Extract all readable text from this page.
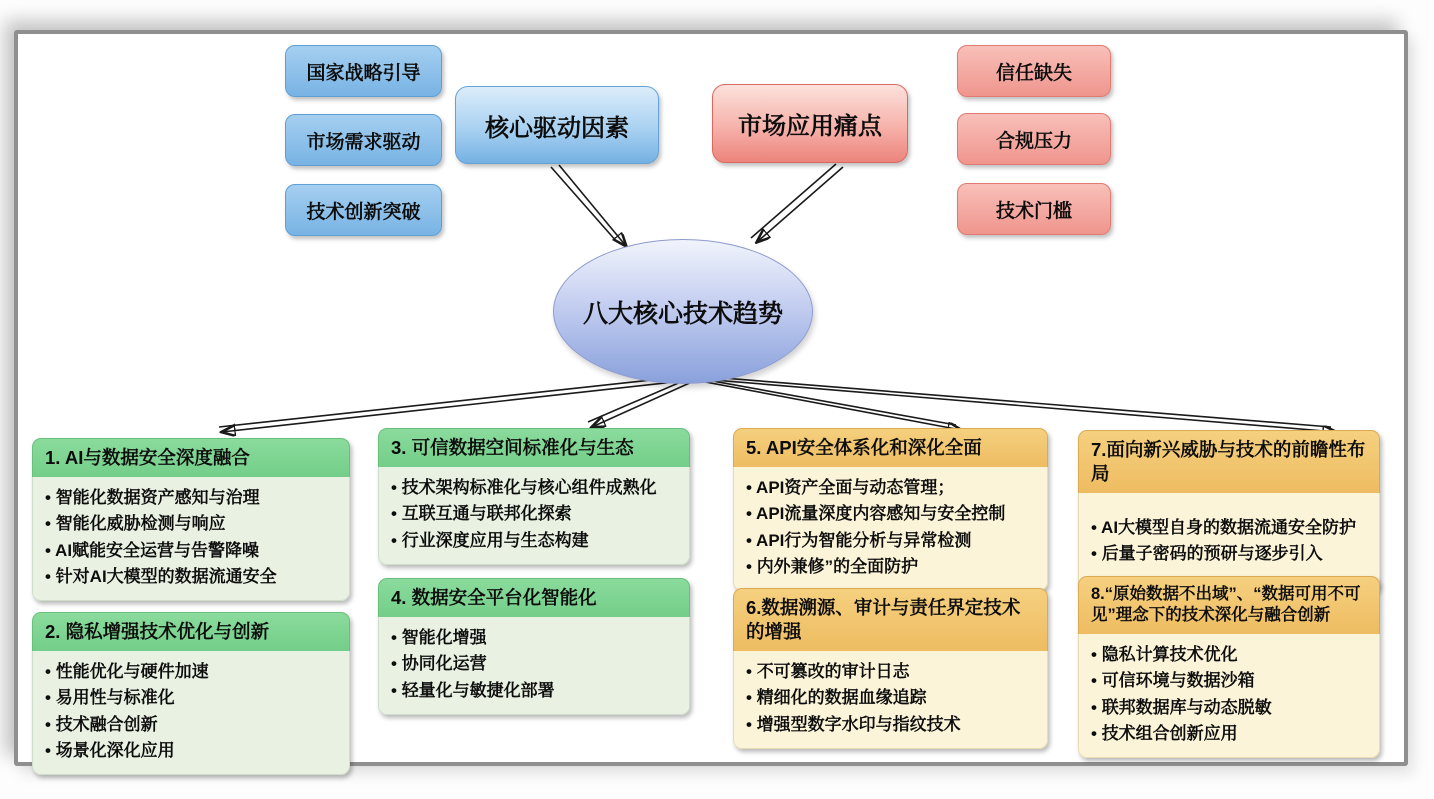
国家战略引导
市场需求驱动
技术创新突破
核心驱动因素	市场应用痛点
信任缺失
合规压力
技术门槛
八大核心技术趋势
1. AI与数据安全深度融合
• 智能化数据资产感知与治理
• 智能化威胁检测与响应
• AI赋能安全运营与告警降噪
• 针对AI大模型的数据流通安全
2. 隐私增强技术优化与创新
• 性能优化与硬件加速
• 易用性与标准化
• 技术融合创新
• 场景化深化应用
3. 可信数据空间标准化与生态
• 技术架构标准化与核心组件成熟化
• 互联互通与联邦化探索
• 行业深度应用与生态构建
4. 数据安全平台化智能化
• 智能化增强
• 协同化运营
• 轻量化与敏捷化部署
5. API安全体系化和深化全面
• API资产全面与动态管理；
• API流量深度内容感知与安全控制
• API行为智能分析与异常检测
• 内外兼修”的全面防护
6.数据溯源、审计与责任界定技术的增强
• 不可篡改的审计日志
• 精细化的数据血缘追踪
• 增强型数字水印与指纹技术
7.面向新兴威胁与技术的前瞻性布局
• AI大模型自身的数据流通安全防护
• 后量子密码的预研与逐步引入
8.“原始数据不出域”、“数据可用不可见”理念下的技术深化与融合创新
• 隐私计算技术优化
• 可信环境与数据沙箱
• 联邦数据库与动态脱敏
• 技术组合创新应用
